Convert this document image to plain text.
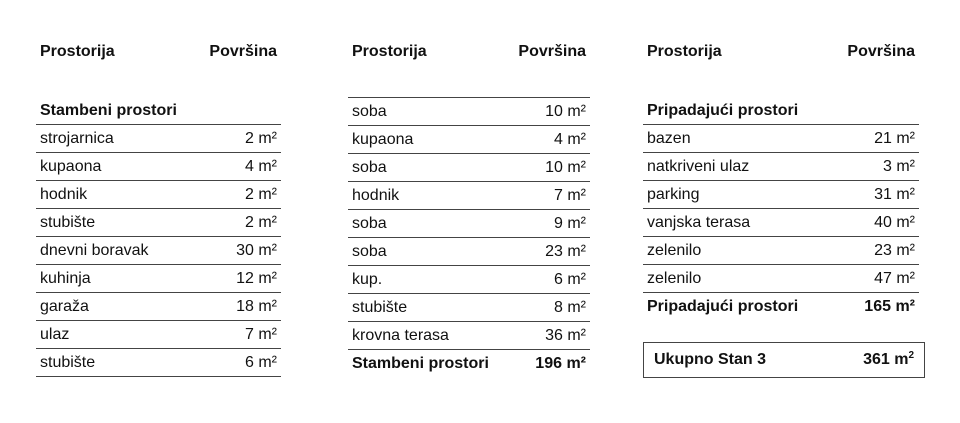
Prostorija	Površina
Stambeni prostori
strojarnica	2 m²
kupaona	4 m²
hodnik	2 m²
stubište	2 m²
dnevni boravak	30 m²
kuhinja	12 m²
garaža	18 m²
ulaz	7 m²
stubište	6 m²
Prostorija	Površina
soba	10 m²
kupaona	4 m²
soba	10 m²
hodnik	7 m²
soba	9 m²
soba	23 m²
kup.	6 m²
stubište	8 m²
krovna terasa	36 m²
Stambeni prostori	196 m²
Prostorija	Površina
Pripadajući prostori
bazen	21 m²
natkriveni ulaz	3 m²
parking	31 m²
vanjska terasa	40 m²
zelenilo	23 m²
zelenilo	47 m²
Pripadajući prostori	165 m²
Ukupno Stan 3	361 $m^2$
